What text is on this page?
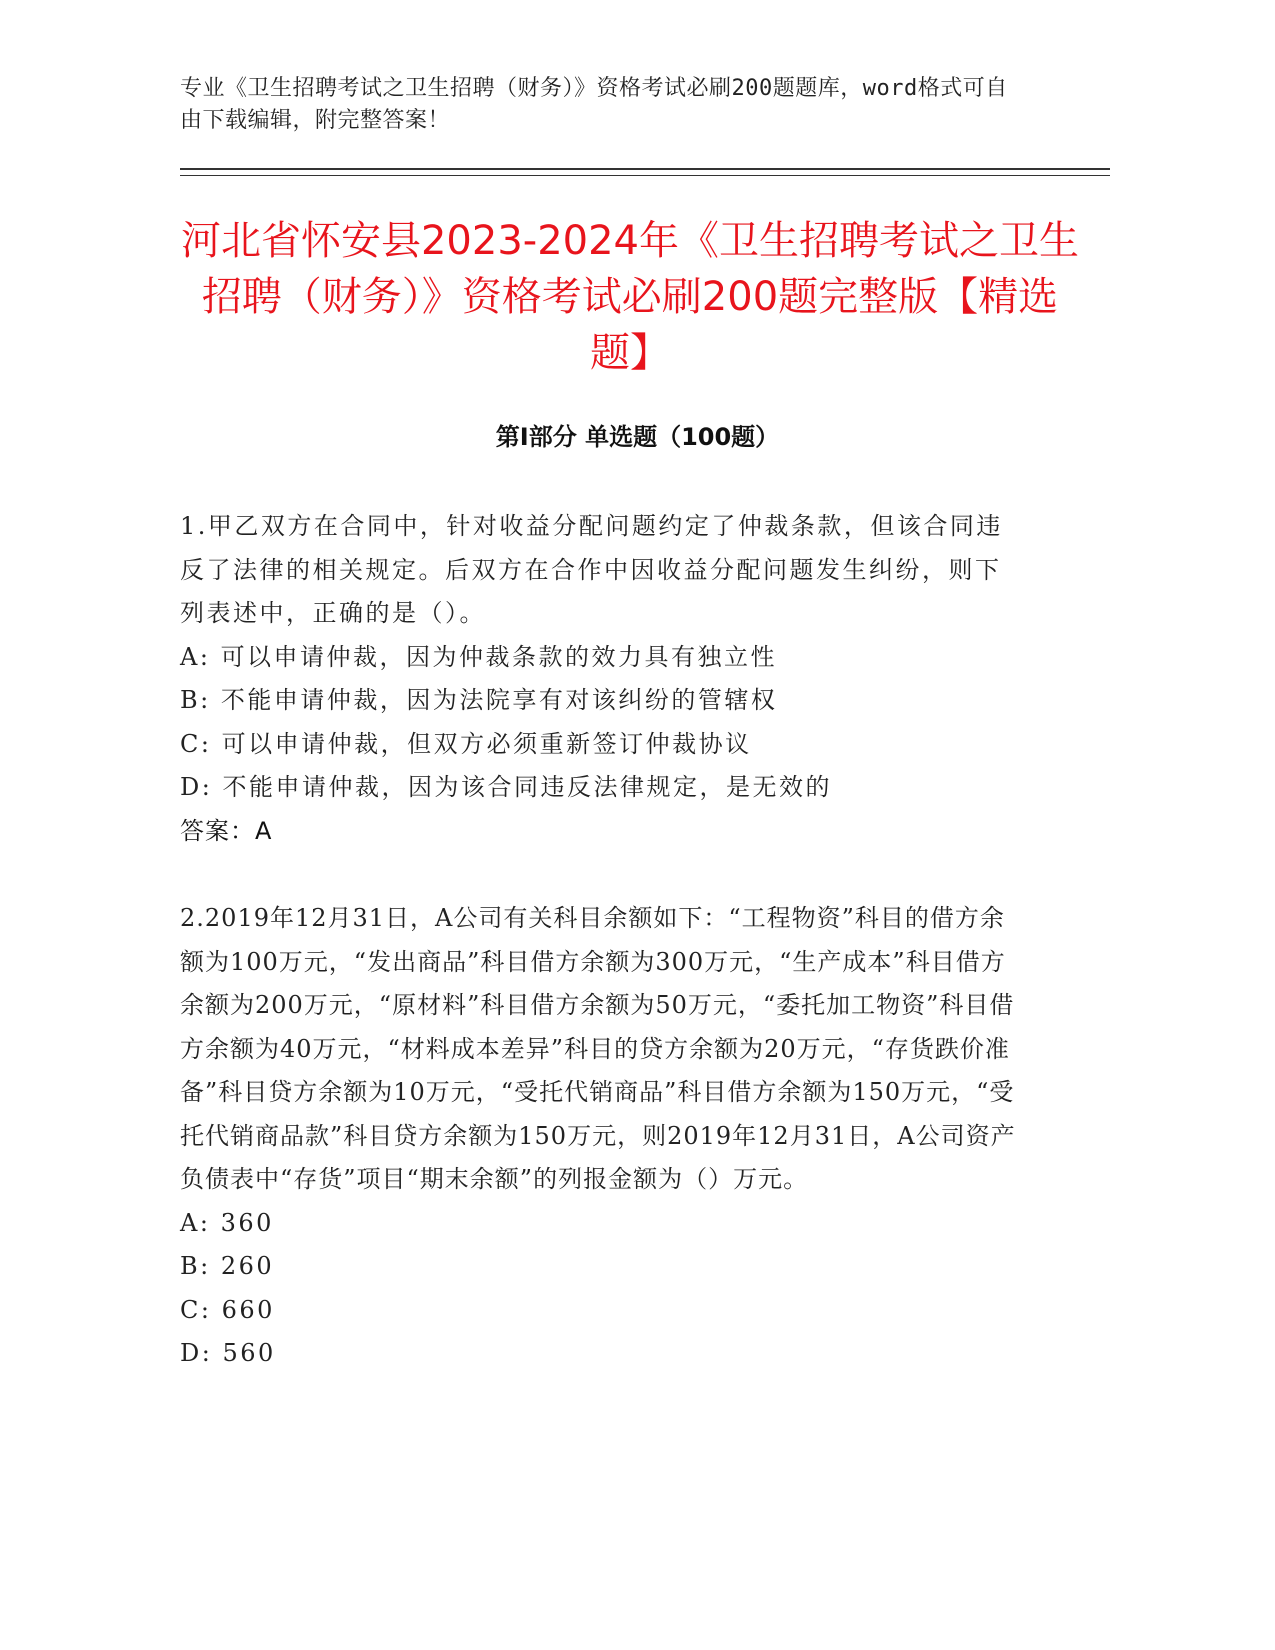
专业《卫生招聘考试之卫生招聘（财务）》资格考试必刷200题题库，word格式可自由下载编辑，附完整答案！
河北省怀安县2023-2024年《卫生招聘考试之卫生招聘（财务）》资格考试必刷200题完整版【精选题】
第Ⅰ部分 单选题（100题）

1.甲乙双方在合同中，针对收益分配问题约定了仲裁条款，但该合同违反了法律的相关规定。后双方在合作中因收益分配问题发生纠纷，则下列表述中，正确的是（）。

A: 可以申请仲裁，因为仲裁条款的效力具有独立性

B: 不能申请仲裁，因为法院享有对该纠纷的管辖权

C: 可以申请仲裁，但双方必须重新签订仲裁协议

D: 不能申请仲裁，因为该合同违反法律规定，是无效的

答案：A

2.2019年12月31日，A公司有关科目余额如下：“工程物资”科目的借方余额为100万元，“发出商品”科目借方余额为300万元，“生产成本”科目借方余额为200万元，“原材料”科目借方余额为50万元，“委托加工物资”科目借方余额为40万元，“材料成本差异”科目的贷方余额为20万元，“存货跌价准备”科目贷方余额为10万元，“受托代销商品”科目借方余额为150万元，“受托代销商品款”科目贷方余额为150万元，则2019年12月31日，A公司资产负债表中“存货”项目“期末余额”的列报金额为（）万元。

A: 360

B: 260

C: 660

D: 560
